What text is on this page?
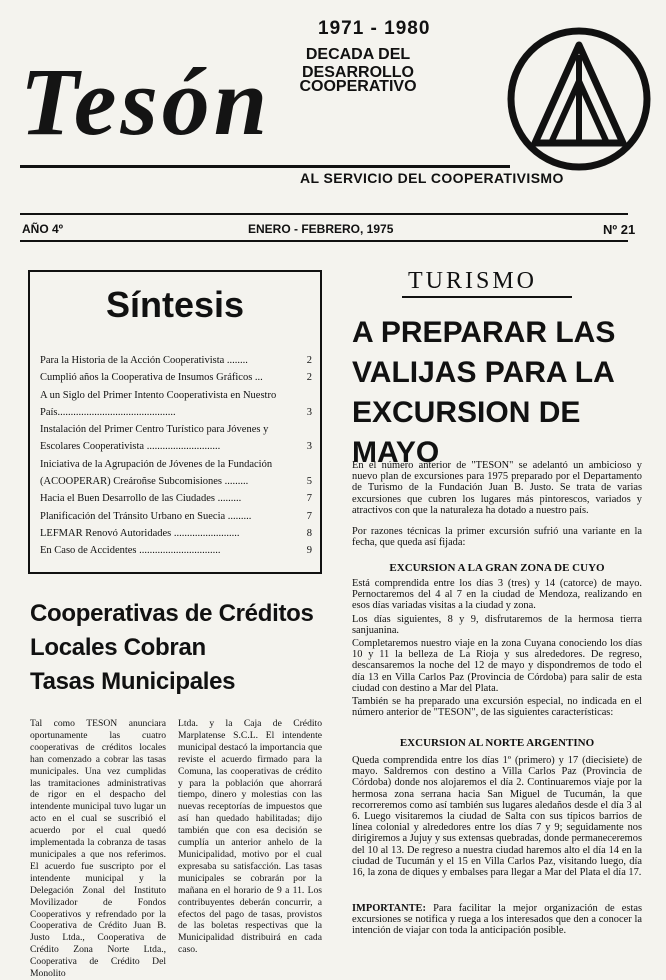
1971 - 1980
DECADA DEL DESARROLLO
COOPERATIVO
Tesón
AL SERVICIO DEL COOPERATIVISMO
AÑO 4º	ENERO - FEBRERO, 1975	Nº 21
Síntesis
Para la Historia de la Acción Cooperativista ........	2
Cumplió años la Cooperativa de Insumos Gráficos ...	2
A un Siglo del Primer Intento Cooperativista en Nuestro País.............................................	3
Instalación del Primer Centro Turístico para Jóvenes y Escolares Cooperativista ............................	3
Iniciativa de la Agrupación de Jóvenes de la Fundación (ACOOPERAR) Creároñse Subcomisiones .........	5
Hacia el Buen Desarrollo de las Ciudades .........	7
Planificación del Tránsito Urbano en Suecia .........	7
LEFMAR Renovó Autoridades .........................	8
En Caso de Accidentes ...............................	9
Cooperativas de Créditos
Locales Cobran
Tasas Municipales
Tal como TESON anunciara oportunamente las cuatro cooperativas de créditos locales han comenzado a cobrar las tasas municipales. Una vez cumplidas las tramitaciones administrativas de rigor en el despacho del intendente municipal tuvo lugar un acto en el cual se suscribió el acuerdo por el cual quedó implementada la cobranza de tasas municipales a que nos referimos. El acuerdo fue suscripto por el intendente municipal y la Delegación Zonal del Instituto Movilizador de Fondos Cooperativos y refrendado por la Cooperativa de Crédito Juan B. Justo Ltda., Cooperativa de Crédito Zona Norte Ltda., Cooperativa de Crédito Del Monolito
Ltda. y la Caja de Crédito Marplatense S.C.L. El intendente municipal destacó la importancia que reviste el acuerdo firmado para la Comuna, las cooperativas de crédito y para la población que ahorrará tiempo, dinero y molestias con las nuevas receptorías de impuestos que así han quedado habilitadas; dijo también que con esa decisión se cumplía un anterior anhelo de la Municipalidad, motivo por el cual expresaba su satisfacción. Las tasas municipales se cobrarán por la mañana en el horario de 9 a 11. Los contribuyentes deberán concurrir, a efectos del pago de tasas, provistos de las boletas respectivas que la Municipalidad distribuirá en cada caso.
TURISMO
A PREPARAR LAS
VALIJAS PARA LA
EXCURSION DE MAYO
En el número anterior de "TESON" se adelantó un ambicioso y nuevo plan de excursiones para 1975 preparado por el Departamento de Turismo de la Fundación Juan B. Justo. Se trata de varias excursiones que cubren los lugares más pintorescos, variados y atractivos con que la naturaleza ha dotado a nuestro país.
Por razones técnicas la primer excursión sufrió una variante en la fecha, que queda así fijada:
EXCURSION A LA GRAN ZONA DE CUYO
Está comprendida entre los días 3 (tres) y 14 (catorce) de mayo. Pernoctaremos del 4 al 7 en la ciudad de Mendoza, realizando en esos días variadas visitas a la ciudad y zona.
Los días siguientes, 8 y 9, disfrutaremos de la hermosa tierra sanjuanina.
Completaremos nuestro viaje en la zona Cuyana conociendo los días 10 y 11 la belleza de La Rioja y sus alrededores. De regreso, descansaremos la noche del 12 de mayo y dispondremos de todo el día 13 en Villa Carlos Paz (Provincia de Córdoba) para salir de esta ciudad con destino a Mar del Plata.
También se ha preparado una excursión especial, no indicada en el número anterior de "TESON", de las siguientes características:
EXCURSION AL NORTE ARGENTINO
Queda comprendida entre los días 1º (primero) y 17 (diecisiete) de mayo. Saldremos con destino a Villa Carlos Paz (Provincia de Córdoba) donde nos alojaremos el día 2. Continuaremos viaje por la hermosa zona serrana hacia San Miguel de Tucumán, la que recorreremos como así también sus lugares aledaños desde el día 3 al 6. Luego visitaremos la ciudad de Salta con sus típicos barrios de línea colonial y alrededores entre los días 7 y 9; seguidamente nos dirigiremos a Jujuy y sus extensas quebradas, donde permaneceremos del 10 al 13. De regreso a nuestra ciudad haremos alto el día 14 en la ciudad de Tucumán y el 15 en Villa Carlos Paz, visitando luego, día 16, la zona de diques y embalses para llegar a Mar del Plata el día 17.
IMPORTANTE: Para facilitar la mejor organización de estas excursiones se notifica y ruega a los interesados que den a conocer la intención de viajar con toda la anticipación posible.
